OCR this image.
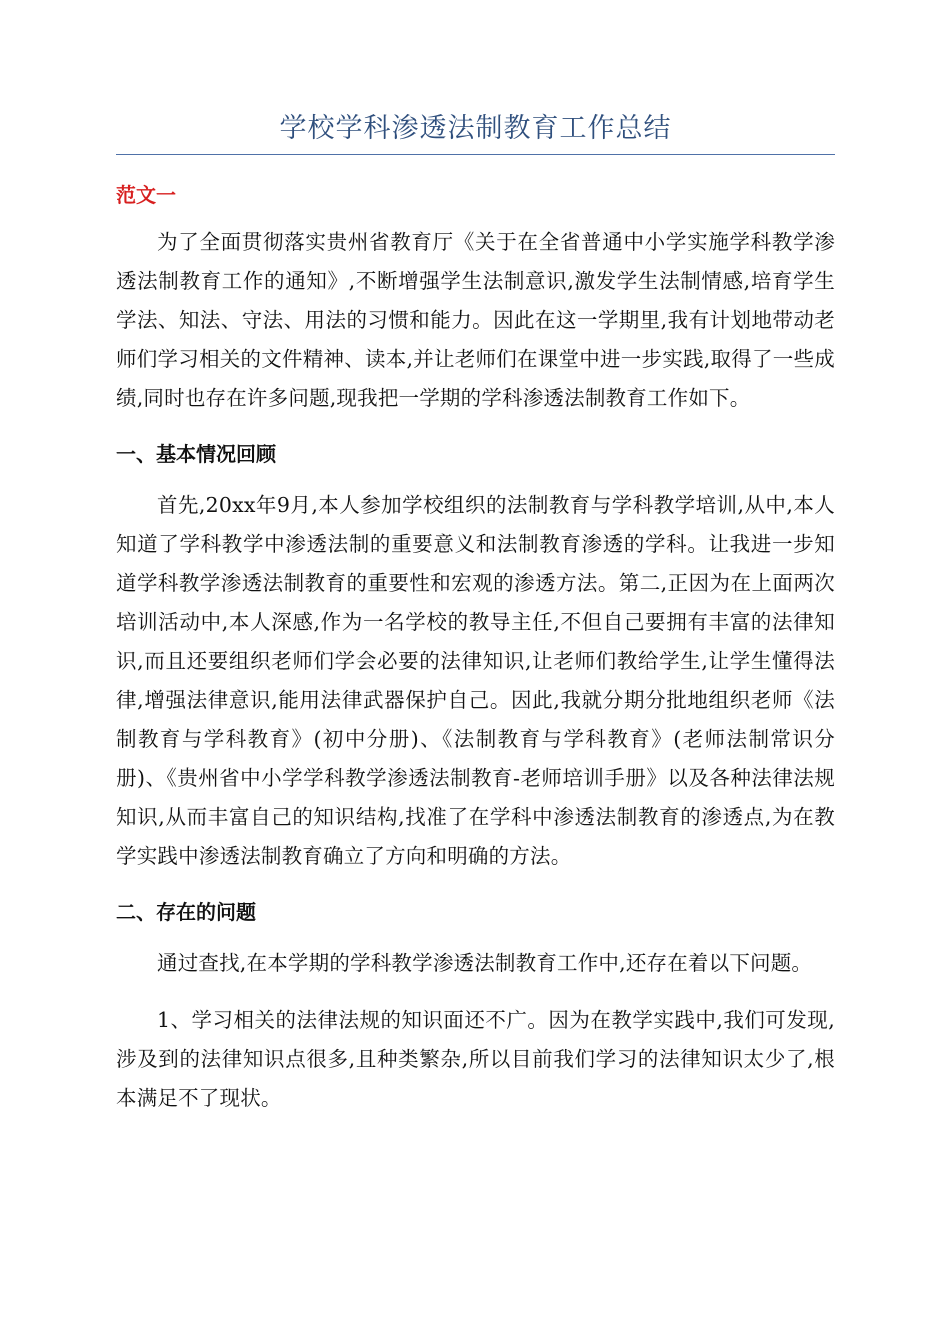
学校学科渗透法制教育工作总结

范文一

为了全面贯彻落实贵州省教育厅《关于在全省普通中小学实施学科教学渗透法制教育工作的通知》,不断增强学生法制意识,激发学生法制情感,培育学生学法、知法、守法、用法的习惯和能力。因此在这一学期里,我有计划地带动老师们学习相关的文件精神、读本,并让老师们在课堂中进一步实践,取得了一些成绩,同时也存在许多问题,现我把一学期的学科渗透法制教育工作如下。

一、基本情况回顾

首先,20xx年9月,本人参加学校组织的法制教育与学科教学培训,从中,本人知道了学科教学中渗透法制的重要意义和法制教育渗透的学科。让我进一步知道学科教学渗透法制教育的重要性和宏观的渗透方法。第二,正因为在上面两次培训活动中,本人深感,作为一名学校的教导主任,不但自己要拥有丰富的法律知识,而且还要组织老师们学会必要的法律知识,让老师们教给学生,让学生懂得法律,增强法律意识,能用法律武器保护自己。因此,我就分期分批地组织老师《法制教育与学科教育》(初中分册)、《法制教育与学科教育》(老师法制常识分册)、《贵州省中小学学科教学渗透法制教育-老师培训手册》以及各种法律法规知识,从而丰富自己的知识结构,找准了在学科中渗透法制教育的渗透点,为在教学实践中渗透法制教育确立了方向和明确的方法。

二、存在的问题

通过查找,在本学期的学科教学渗透法制教育工作中,还存在着以下问题。

1、学习相关的法律法规的知识面还不广。因为在教学实践中,我们可发现,涉及到的法律知识点很多,且种类繁杂,所以目前我们学习的法律知识太少了,根本满足不了现状。
